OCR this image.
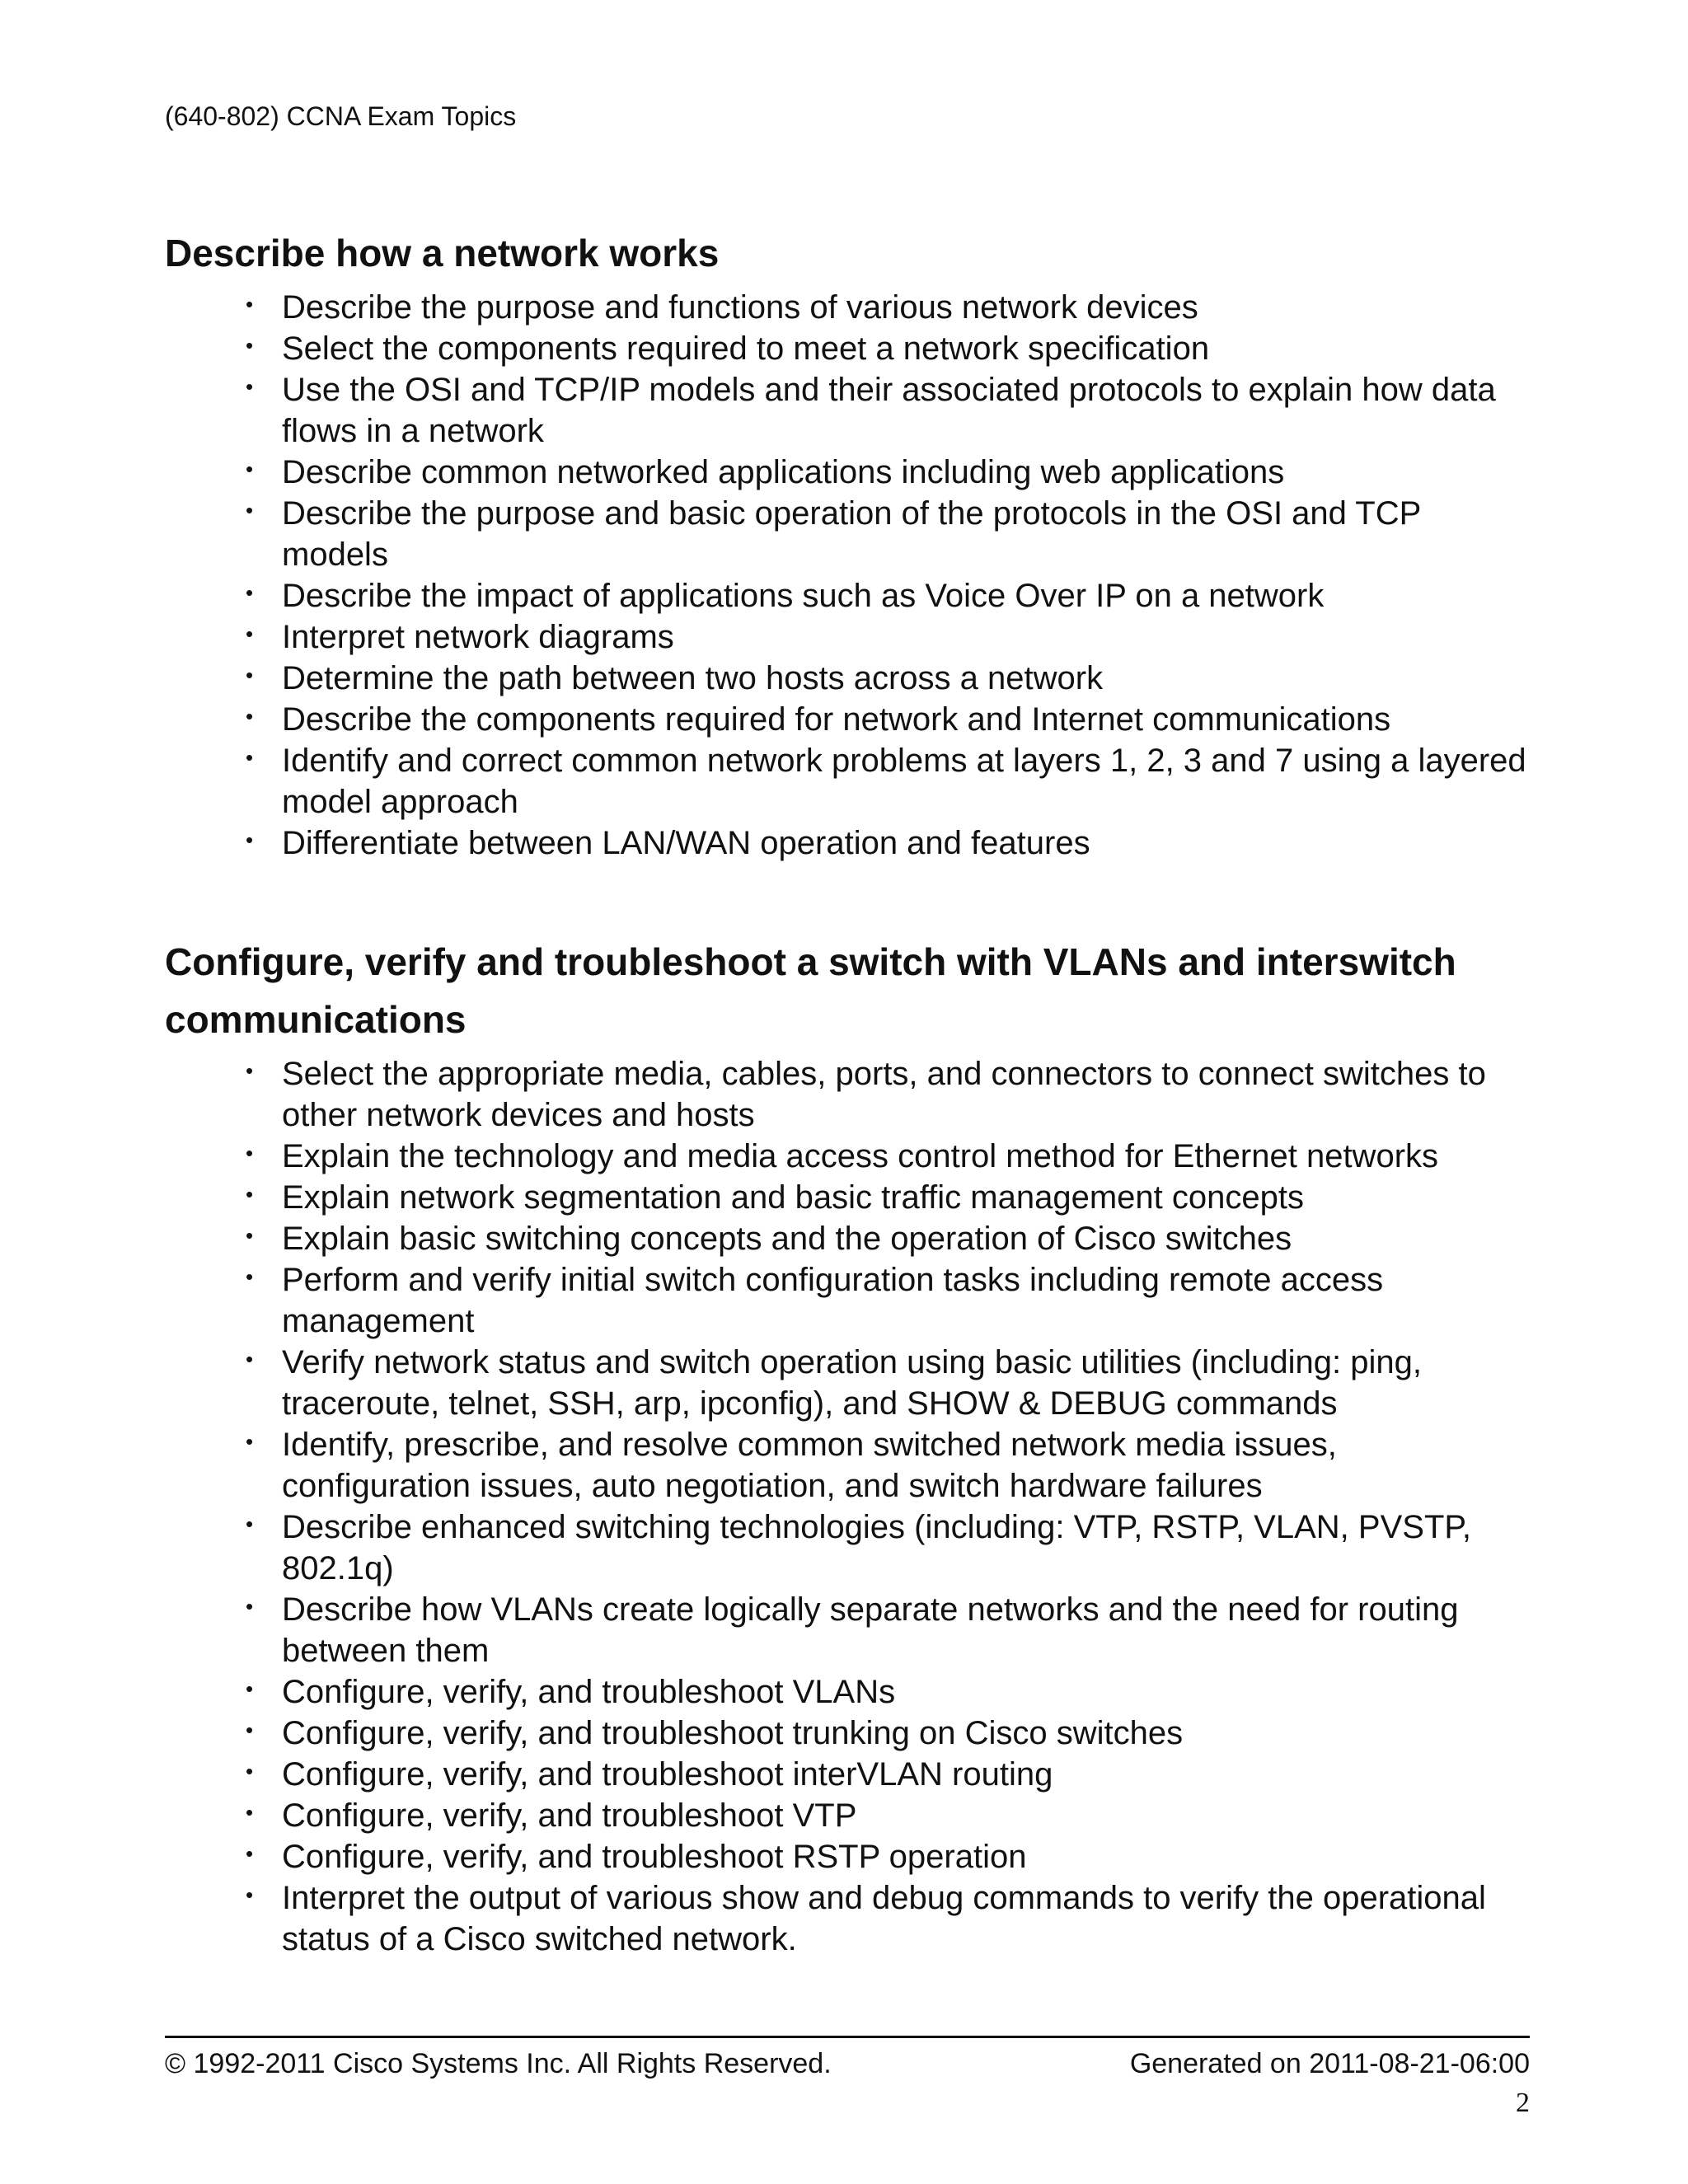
(640-802) CCNA Exam Topics

Describe how a network works
• Describe the purpose and functions of various network devices
• Select the components required to meet a network specification
• Use the OSI and TCP/IP models and their associated protocols to explain how data flows in a network
• Describe common networked applications including web applications
• Describe the purpose and basic operation of the protocols in the OSI and TCP models
• Describe the impact of applications such as Voice Over IP on a network
• Interpret network diagrams
• Determine the path between two hosts across a network
• Describe the components required for network and Internet communications
• Identify and correct common network problems at layers 1, 2, 3 and 7 using a layered model approach
• Differentiate between LAN/WAN operation and features
Configure, verify and troubleshoot a switch with VLANs and interswitch communications
• Select the appropriate media, cables, ports, and connectors to connect switches to other network devices and hosts
• Explain the technology and media access control method for Ethernet networks
• Explain network segmentation and basic traffic management concepts
• Explain basic switching concepts and the operation of Cisco switches
• Perform and verify initial switch configuration tasks including remote access management
• Verify network status and switch operation using basic utilities (including: ping, traceroute, telnet, SSH, arp, ipconfig), and SHOW & DEBUG commands
• Identify, prescribe, and resolve common switched network media issues, configuration issues, auto negotiation, and switch hardware failures
• Describe enhanced switching technologies (including: VTP, RSTP, VLAN, PVSTP, 802.1q)
• Describe how VLANs create logically separate networks and the need for routing between them
• Configure, verify, and troubleshoot VLANs
• Configure, verify, and troubleshoot trunking on Cisco switches
• Configure, verify, and troubleshoot interVLAN routing
• Configure, verify, and troubleshoot VTP
• Configure, verify, and troubleshoot RSTP operation
• Interpret the output of various show and debug commands to verify the operational status of a Cisco switched network.
© 1992-2011 Cisco Systems Inc. All Rights Reserved.	Generated on 2011-08-21-06:00
2
